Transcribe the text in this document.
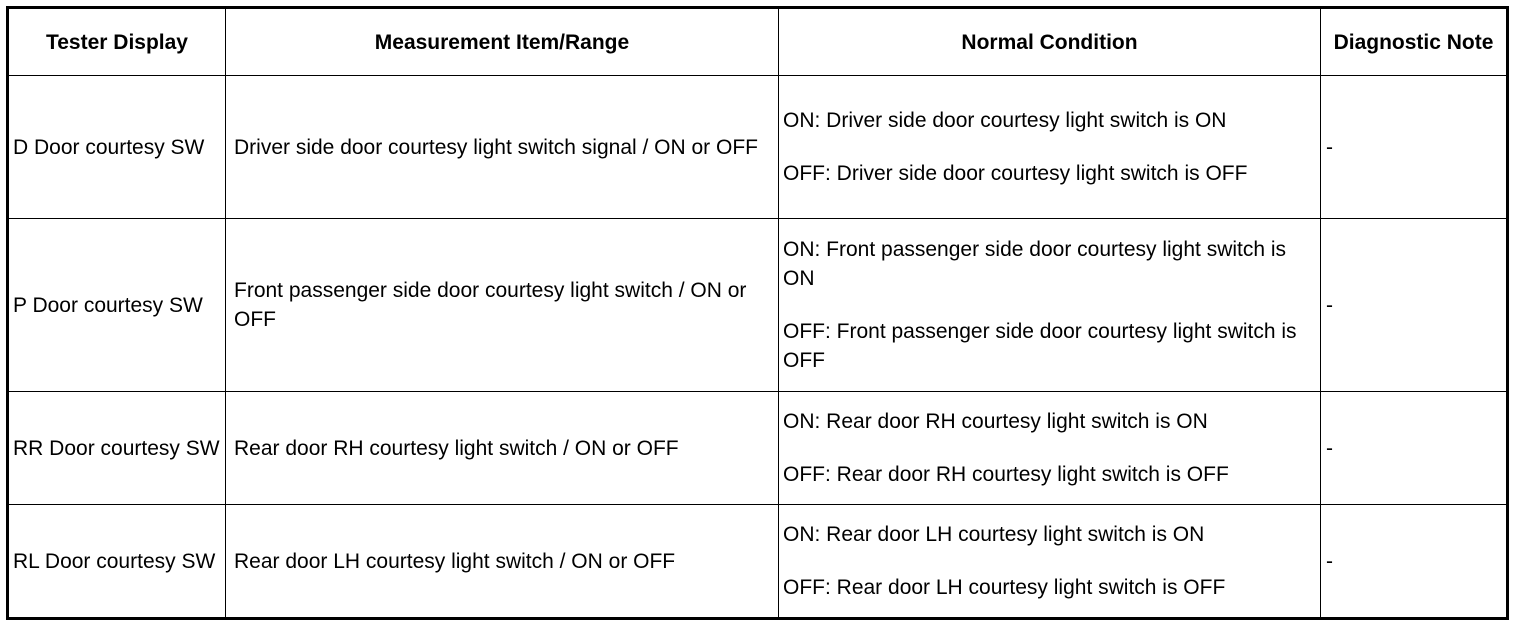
Tester Display	Measurement Item/Range	Normal Condition	Diagnostic Note
D Door courtesy SW	Driver side door courtesy light switch signal / ON or OFF	ON: Driver side door courtesy light switch is ON
OFF: Driver side door courtesy light switch is OFF	-
P Door courtesy SW	Front passenger side door courtesy light switch / ON or OFF	ON: Front passenger side door courtesy light switch is ON
OFF: Front passenger side door courtesy light switch is OFF	-
RR Door courtesy SW	Rear door RH courtesy light switch / ON or OFF	ON: Rear door RH courtesy light switch is ON
OFF: Rear door RH courtesy light switch is OFF	-
RL Door courtesy SW	Rear door LH courtesy light switch / ON or OFF	ON: Rear door LH courtesy light switch is ON
OFF: Rear door LH courtesy light switch is OFF	-
